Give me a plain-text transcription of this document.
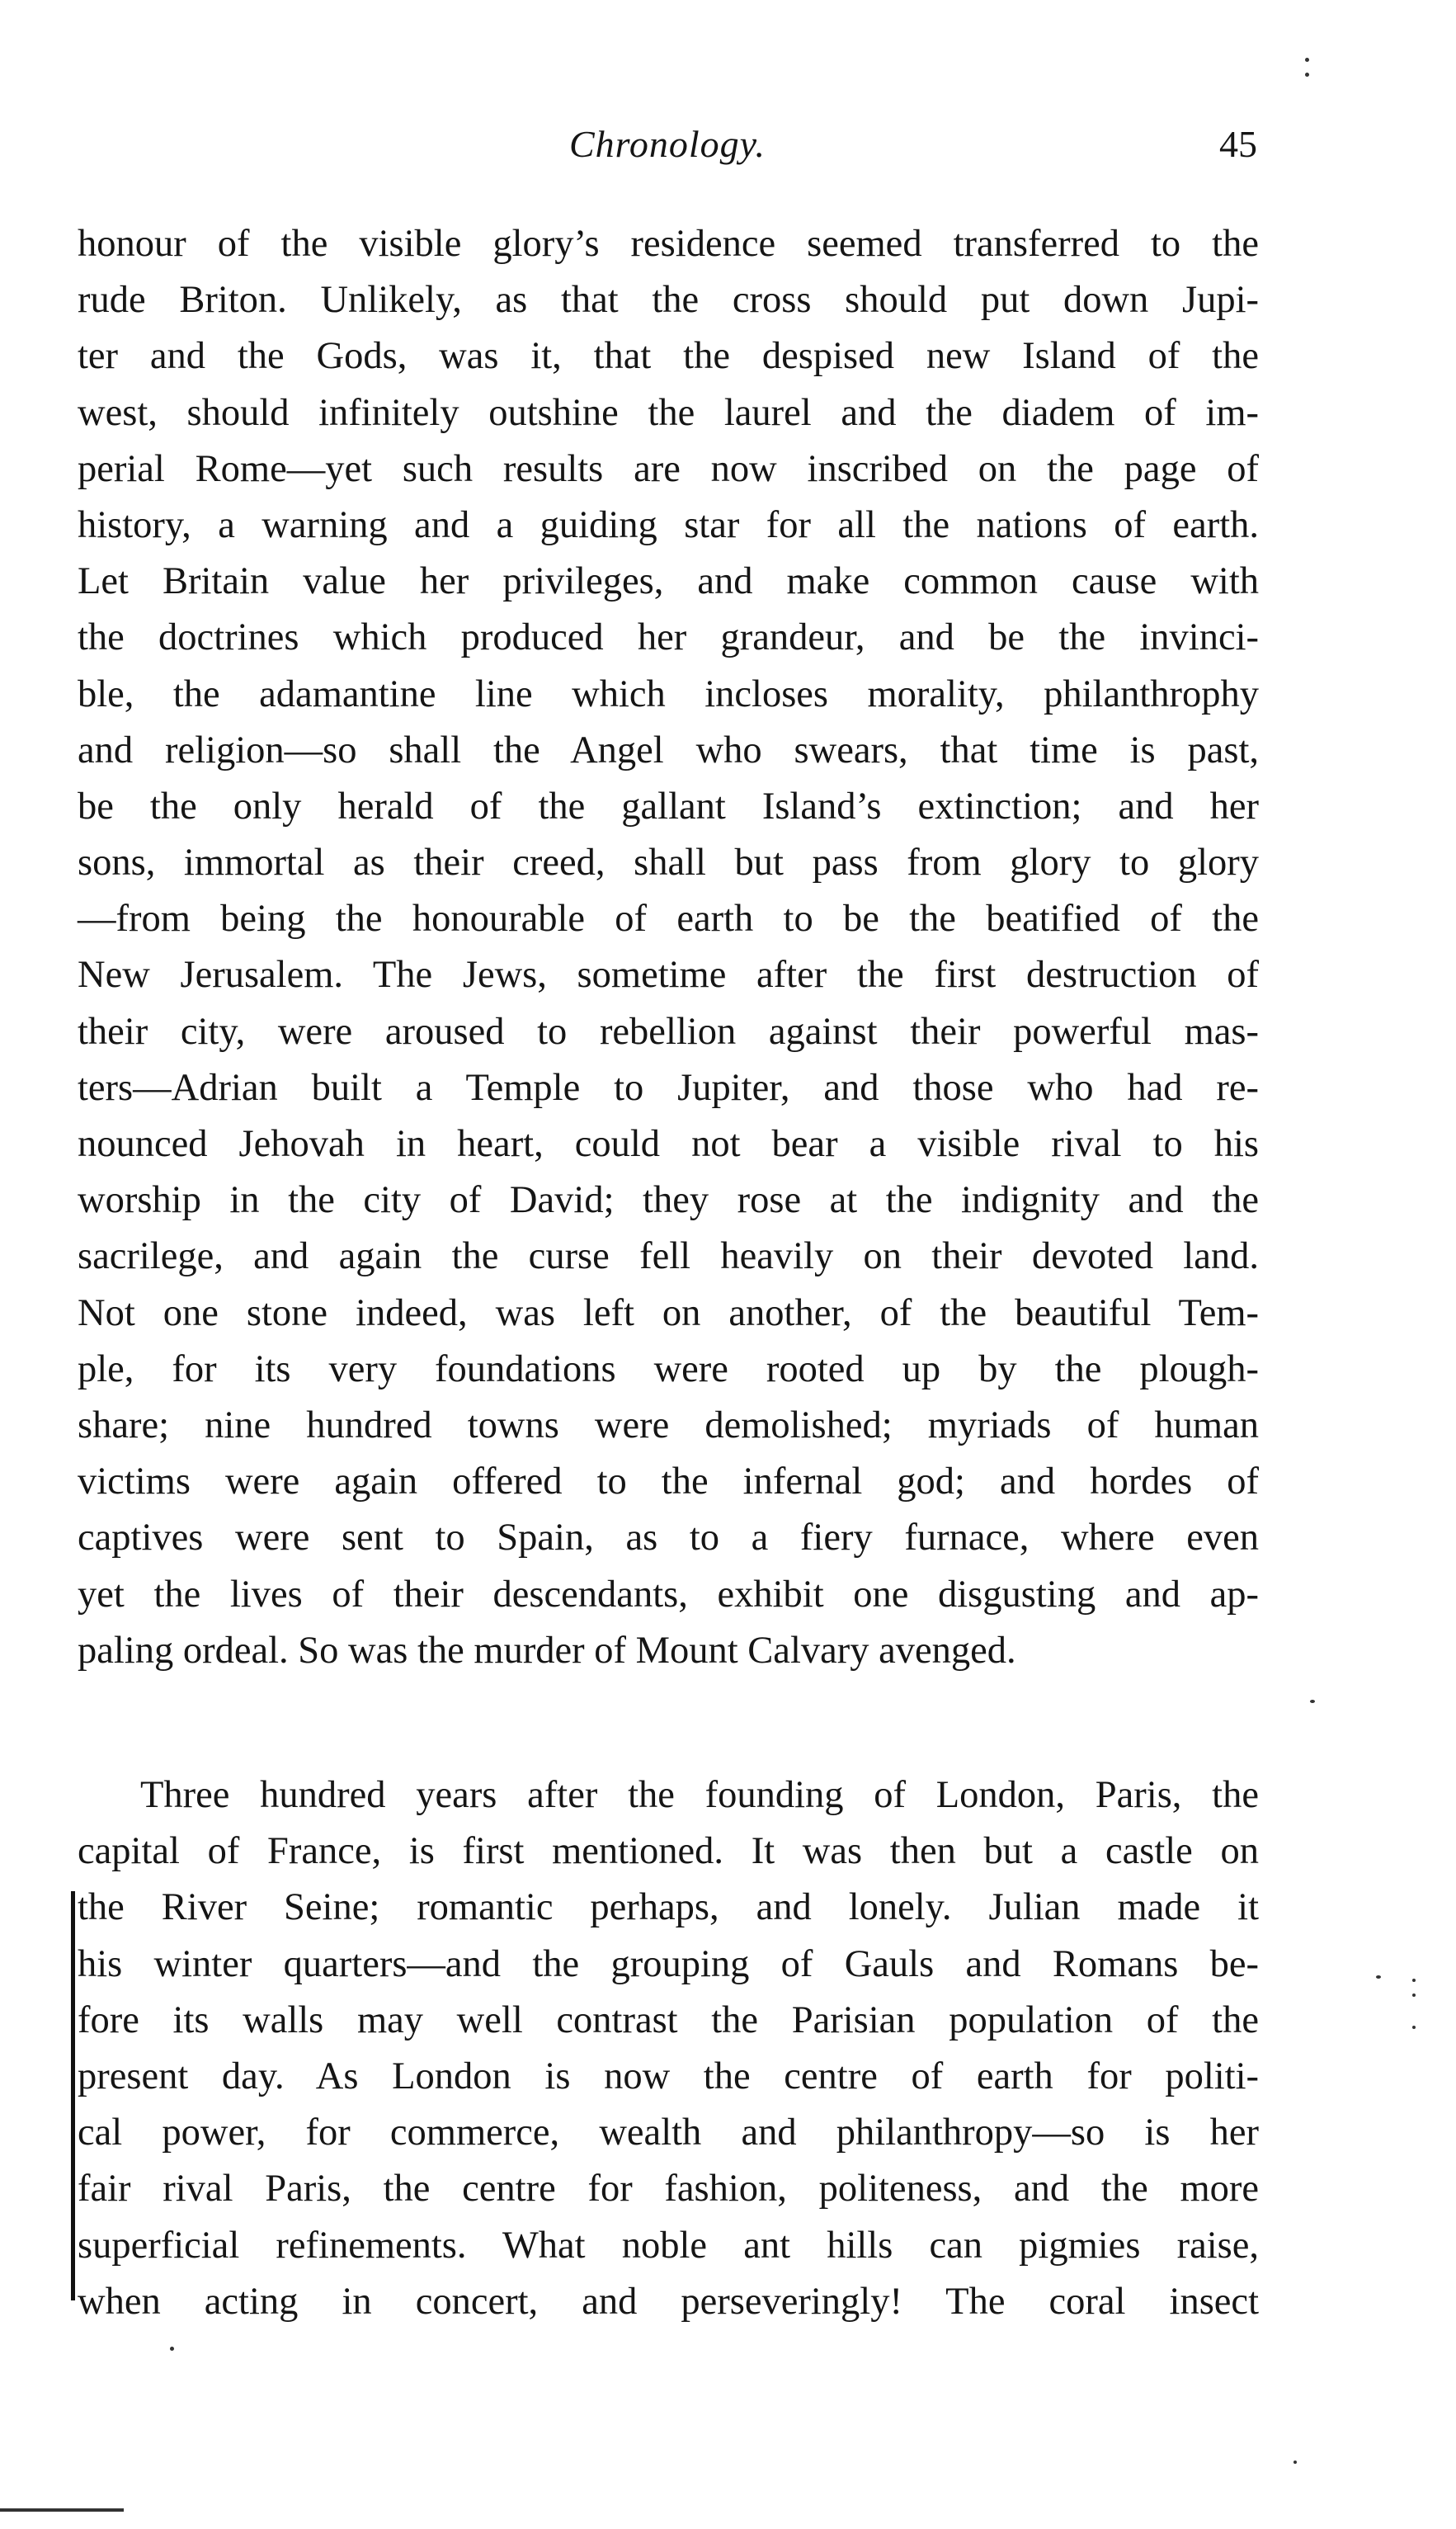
Chronology.	45
honour of the visible glory’s residence seemed transferred to the
rude Briton. Unlikely, as that the cross should put down Jupi-
ter and the Gods, was it, that the despised new Island of the
west, should infinitely outshine the laurel and the diadem of im-
perial Rome—yet such results are now inscribed on the page of
history, a warning and a guiding star for all the nations of earth.
Let Britain value her privileges, and make common cause with
the doctrines which produced her grandeur, and be the invinci-
ble, the adamantine line which incloses morality, philanthrophy
and religion—so shall the Angel who swears, that time is past,
be the only herald of the gallant Island’s extinction; and her
sons, immortal as their creed, shall but pass from glory to glory
—from being the honourable of earth to be the beatified of the
New Jerusalem. The Jews, sometime after the first destruction of
their city, were aroused to rebellion against their powerful mas-
ters—Adrian built a Temple to Jupiter, and those who had re-
nounced Jehovah in heart, could not bear a visible rival to his
worship in the city of David; they rose at the indignity and the
sacrilege, and again the curse fell heavily on their devoted land.
Not one stone indeed, was left on another, of the beautiful Tem-
ple, for its very foundations were rooted up by the plough-
share; nine hundred towns were demolished; myriads of human
victims were again offered to the infernal god; and hordes of
captives were sent to Spain, as to a fiery furnace, where even
yet the lives of their descendants, exhibit one disgusting and ap-
paling ordeal. So was the murder of Mount Calvary avenged.
Three hundred years after the founding of London, Paris, the
capital of France, is first mentioned. It was then but a castle on
the River Seine; romantic perhaps, and lonely. Julian made it
his winter quarters—and the grouping of Gauls and Romans be-
fore its walls may well contrast the Parisian population of the
present day. As London is now the centre of earth for politi-
cal power, for commerce, wealth and philanthropy—so is her
fair rival Paris, the centre for fashion, politeness, and the more
superficial refinements. What noble ant hills can pigmies raise,
when acting in concert, and perseveringly! The coral insect
